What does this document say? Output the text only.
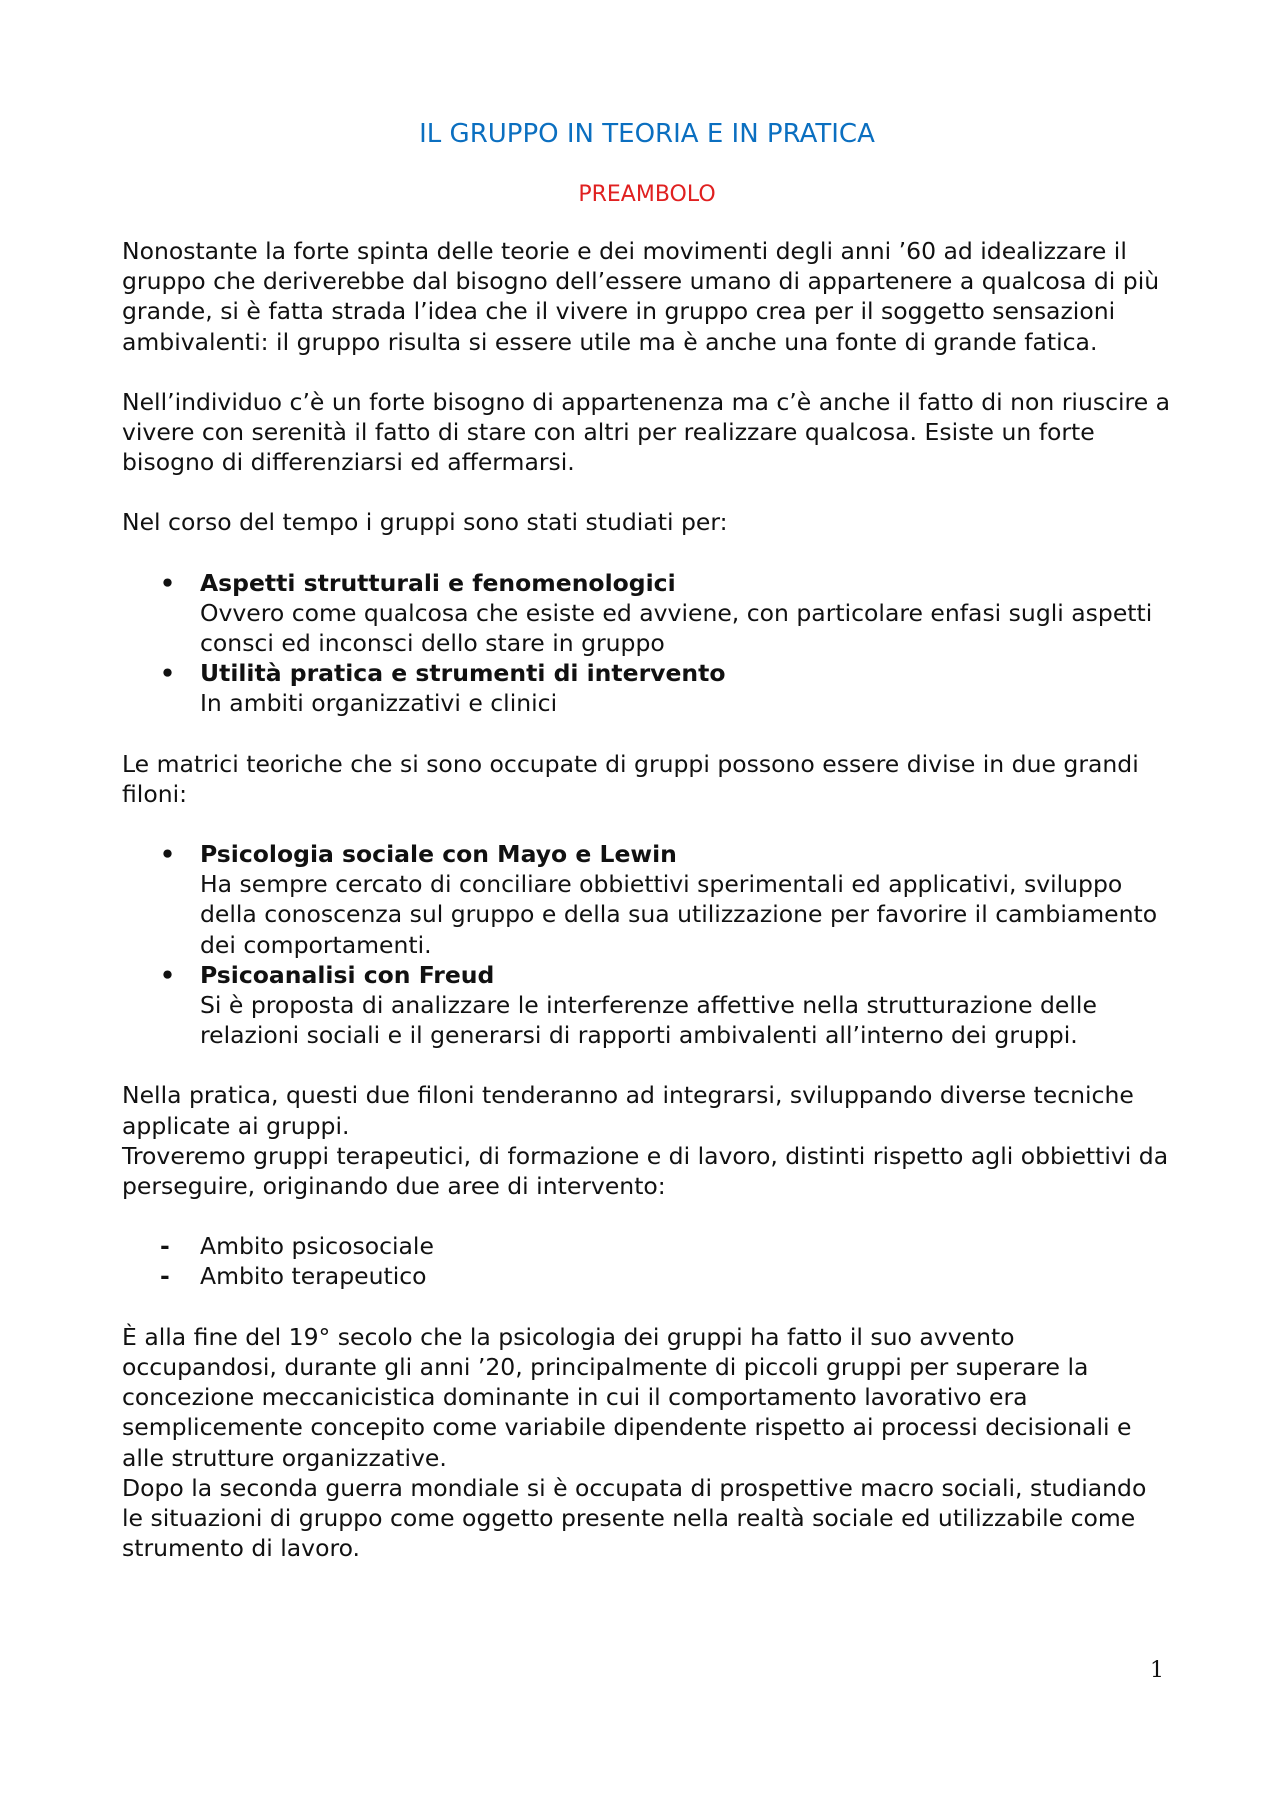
IL GRUPPO IN TEORIA E IN PRATICA
PREAMBOLO

Nonostante la forte spinta delle teorie e dei movimenti degli anni ’60 ad idealizzare il gruppo che deriverebbe dal bisogno dell’essere umano di appartenere a qualcosa di più grande, si è fatta strada l’idea che il vivere in gruppo crea per il soggetto sensazioni ambivalenti: il gruppo risulta si essere utile ma è anche una fonte di grande fatica.

Nell’individuo c’è un forte bisogno di appartenenza ma c’è anche il fatto di non riuscire a vivere con serenità il fatto di stare con altri per realizzare qualcosa. Esiste un forte bisogno di differenziarsi ed affermarsi.

Nel corso del tempo i gruppi sono stati studiati per:

• Aspetti strutturali e fenomenologici
Ovvero come qualcosa che esiste ed avviene, con particolare enfasi sugli aspetti consci ed inconsci dello stare in gruppo
• Utilità pratica e strumenti di intervento
In ambiti organizzativi e clinici

Le matrici teoriche che si sono occupate di gruppi possono essere divise in due grandi filoni:

• Psicologia sociale con Mayo e Lewin
Ha sempre cercato di conciliare obbiettivi sperimentali ed applicativi, sviluppo della conoscenza sul gruppo e della sua utilizzazione per favorire il cambiamento dei comportamenti.
• Psicoanalisi con Freud
Si è proposta di analizzare le interferenze affettive nella strutturazione delle relazioni sociali e il generarsi di rapporti ambivalenti all’interno dei gruppi.

Nella pratica, questi due filoni tenderanno ad integrarsi, sviluppando diverse tecniche applicate ai gruppi.

Troveremo gruppi terapeutici, di formazione e di lavoro, distinti rispetto agli obbiettivi da perseguire, originando due aree di intervento:

- Ambito psicosociale
- Ambito terapeutico

È alla fine del 19° secolo che la psicologia dei gruppi ha fatto il suo avvento occupandosi, durante gli anni ’20, principalmente di piccoli gruppi per superare la concezione meccanicistica dominante in cui il comportamento lavorativo era semplicemente concepito come variabile dipendente rispetto ai processi decisionali e alle strutture organizzative.

Dopo la seconda guerra mondiale si è occupata di prospettive macro sociali, studiando le situazioni di gruppo come oggetto presente nella realtà sociale ed utilizzabile come strumento di lavoro.

1
